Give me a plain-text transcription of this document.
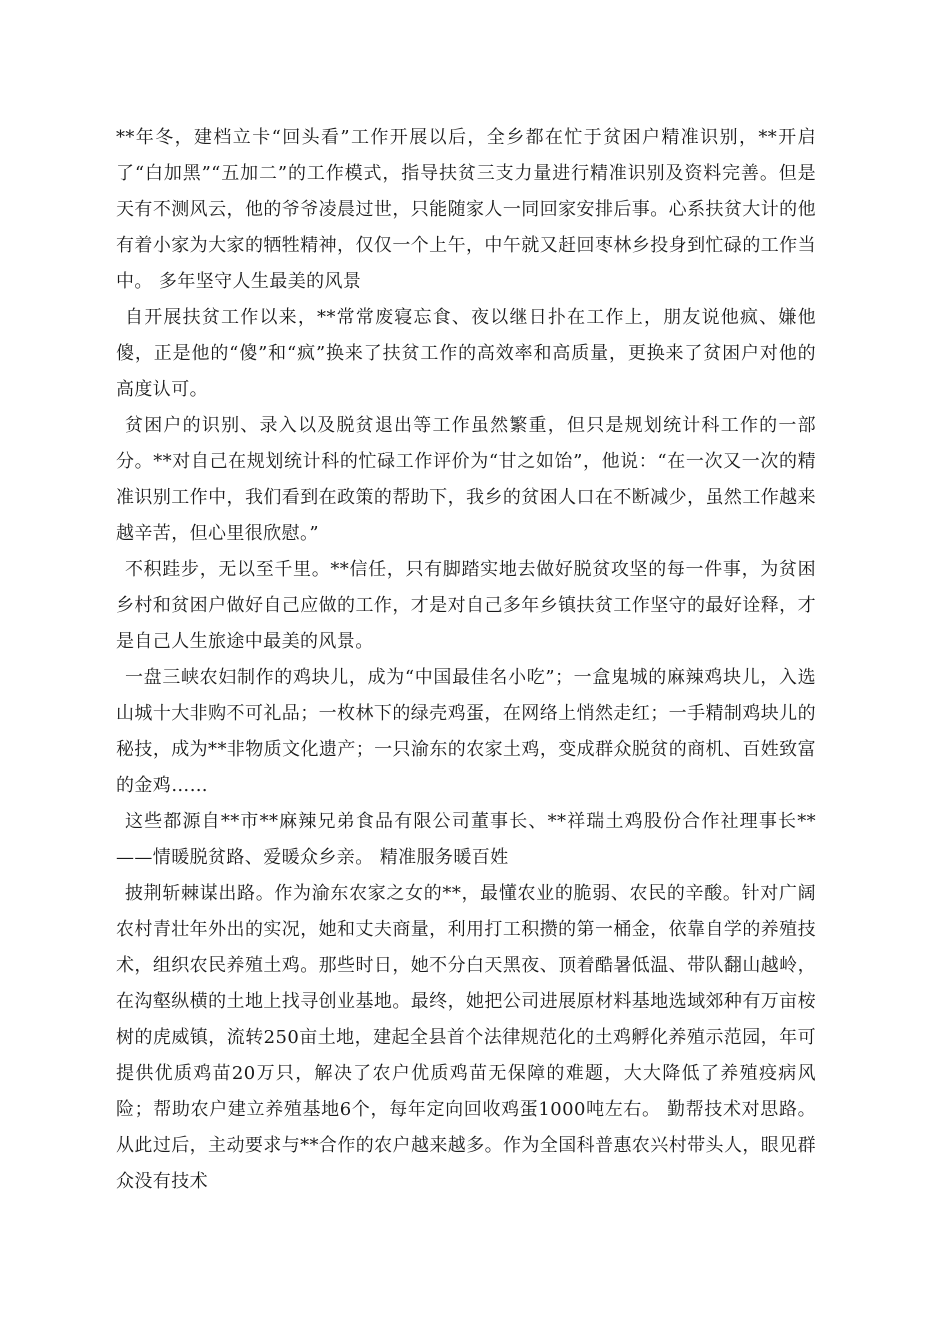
**年冬，建档立卡“回头看”工作开展以后，全乡都在忙于贫困户精准识别，**开启了“白加黑”“五加二”的工作模式，指导扶贫三支力量进行精准识别及资料完善。但是天有不测风云，他的爷爷凌晨过世，只能随家人一同回家安排后事。心系扶贫大计的他有着小家为大家的牺牲精神，仅仅一个上午，中午就又赶回枣林乡投身到忙碌的工作当中。 多年坚守人生最美的风景

自开展扶贫工作以来，**常常废寝忘食、夜以继日扑在工作上，朋友说他疯、嫌他傻，正是他的“傻”和“疯”换来了扶贫工作的高效率和高质量，更换来了贫困户对他的高度认可。

贫困户的识别、录入以及脱贫退出等工作虽然繁重，但只是规划统计科工作的一部分。**对自己在规划统计科的忙碌工作评价为“甘之如饴”，他说：“在一次又一次的精准识别工作中，我们看到在政策的帮助下，我乡的贫困人口在不断减少，虽然工作越来越辛苦，但心里很欣慰。”

不积跬步，无以至千里。**信任，只有脚踏实地去做好脱贫攻坚的每一件事，为贫困乡村和贫困户做好自己应做的工作，才是对自己多年乡镇扶贫工作坚守的最好诠释，才是自己人生旅途中最美的风景。

一盘三峡农妇制作的鸡块儿，成为“中国最佳名小吃”；一盒鬼城的麻辣鸡块儿，入选山城十大非购不可礼品；一枚林下的绿壳鸡蛋，在网络上悄然走红；一手精制鸡块儿的秘技，成为**非物质文化遗产；一只渝东的农家土鸡，变成群众脱贫的商机、百姓致富的金鸡……

这些都源自**市**麻辣兄弟食品有限公司董事长、**祥瑞土鸡股份合作社理事长**——情暖脱贫路、爱暖众乡亲。 精准服务暖百姓

披荆斩棘谋出路。作为渝东农家之女的**，最懂农业的脆弱、农民的辛酸。针对广阔农村青壮年外出的实况，她和丈夫商量，利用打工积攒的第一桶金，依靠自学的养殖技术，组织农民养殖土鸡。那些时日，她不分白天黑夜、顶着酷暑低温、带队翻山越岭，在沟壑纵横的土地上找寻创业基地。最终，她把公司进展原材料基地选域郊种有万亩桉树的虎威镇，流转250亩土地，建起全县首个法律规范化的土鸡孵化养殖示范园，年可提供优质鸡苗20万只，解决了农户优质鸡苗无保障的难题，大大降低了养殖疫病风险；帮助农户建立养殖基地6个，每年定向回收鸡蛋1000吨左右。 勤帮技术对思路。从此过后，主动要求与**合作的农户越来越多。作为全国科普惠农兴村带头人，眼见群众没有技术
